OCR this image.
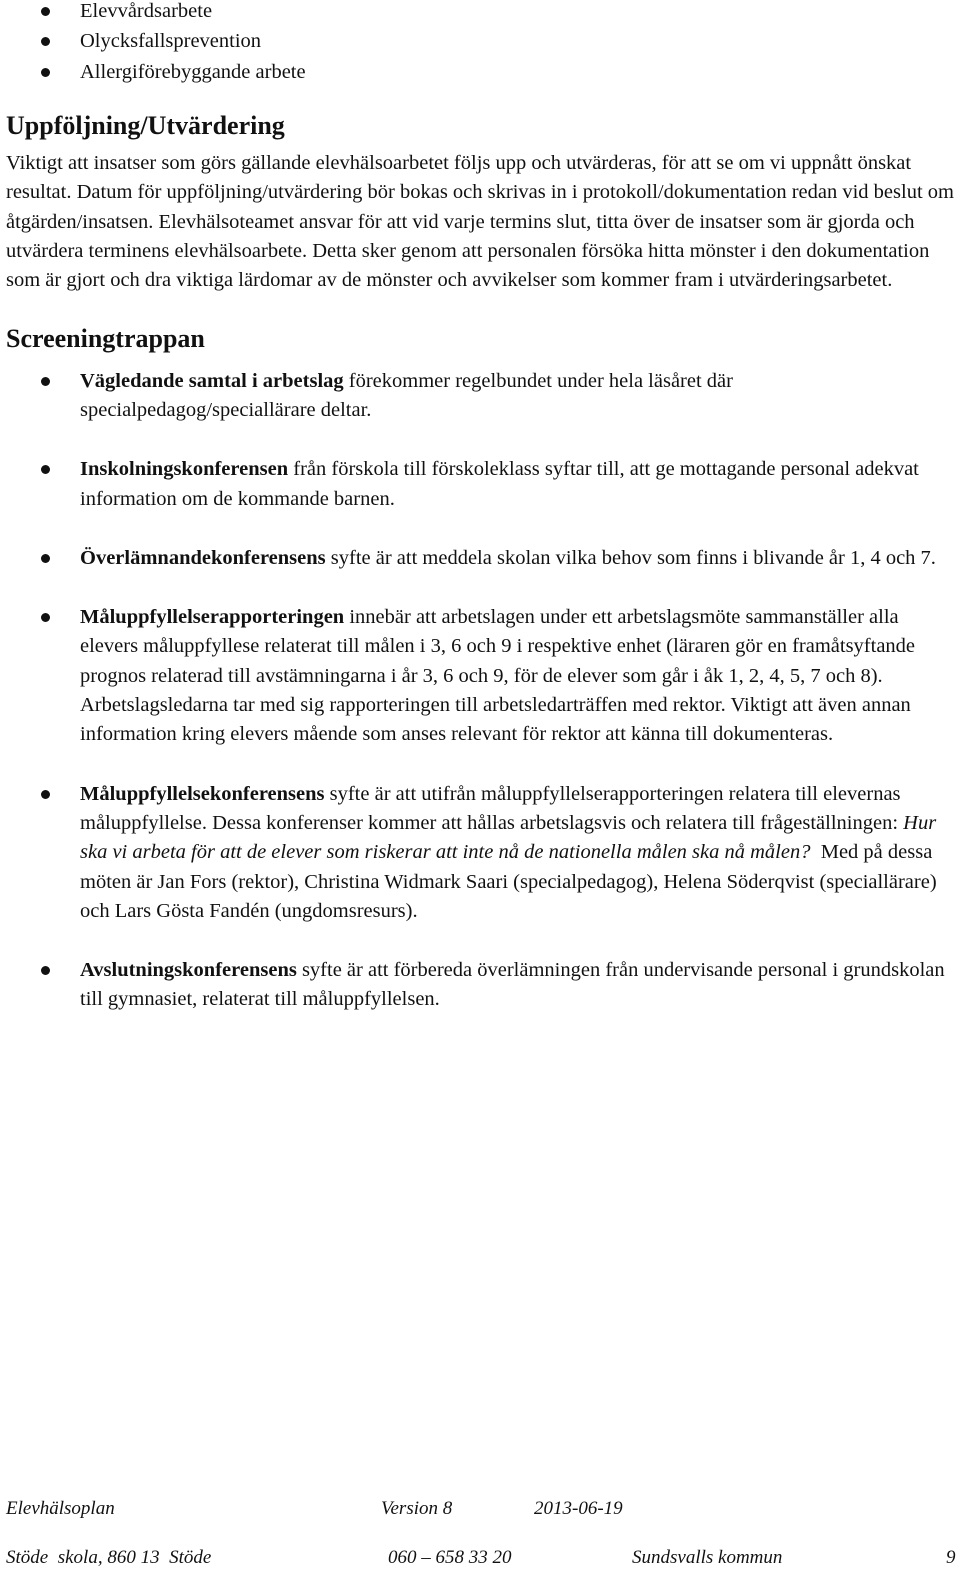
Elevvårdsarbete
Olycksfallsprevention
Allergiförebyggande arbete
Uppföljning/Utvärdering

Viktigt att insatser som görs gällande elevhälsoarbetet följs upp och utvärderas, för att se om vi uppnått önskat resultat. Datum för uppföljning/utvärdering bör bokas och skrivas in i protokoll/dokumentation redan vid beslut om åtgärden/insatsen. Elevhälsoteamet ansvar för att vid varje termins slut, titta över de insatser som är gjorda och utvärdera terminens elevhälsoarbete. Detta sker genom att personalen försöka hitta mönster i den dokumentation som är gjort och dra viktiga lärdomar av de mönster och avvikelser som kommer fram i utvärderingsarbetet.

Screeningtrappan
Vägledande samtal i arbetslag förekommer regelbundet under hela läsåret där specialpedagog/speciallärare deltar.
Inskolningskonferensen från förskola till förskoleklass syftar till, att ge mottagande personal adekvat information om de kommande barnen.
Överlämnandekonferensens syfte är att meddela skolan vilka behov som finns i blivande år 1, 4 och 7.
Måluppfyllelserapporteringen innebär att arbetslagen under ett arbetslagsmöte sammanställer alla elevers måluppfyllese relaterat till målen i 3, 6 och 9 i respektive enhet (läraren gör en framåtsyftande prognos relaterad till avstämningarna i år 3, 6 och 9, för de elever som går i åk 1, 2, 4, 5, 7 och 8). Arbetslagsledarna tar med sig rapporteringen till arbetsledarträffen med rektor. Viktigt att även annan information kring elevers mående som anses relevant för rektor att känna till dokumenteras.
Måluppfyllelsekonferensens syfte är att utifrån måluppfyllelserapporteringen relatera till elevernas måluppfyllelse. Dessa konferenser kommer att hållas arbetslagsvis och relatera till frågeställningen: Hur ska vi arbeta för att de elever som riskerar att inte nå de nationella målen ska nå målen?  Med på dessa möten är Jan Fors (rektor), Christina Widmark Saari (specialpedagog), Helena Söderqvist (speciallärare) och Lars Gösta Fandén (ungdomsresurs).
Avslutningskonferensens syfte är att förbereda överlämningen från undervisande personal i grundskolan till gymnasiet, relaterat till måluppfyllelsen.
Elevhälsoplan	Version 8	2013-06-19
Stöde  skola, 860 13  Stöde	060 – 658 33 20	Sundsvalls kommun	9
